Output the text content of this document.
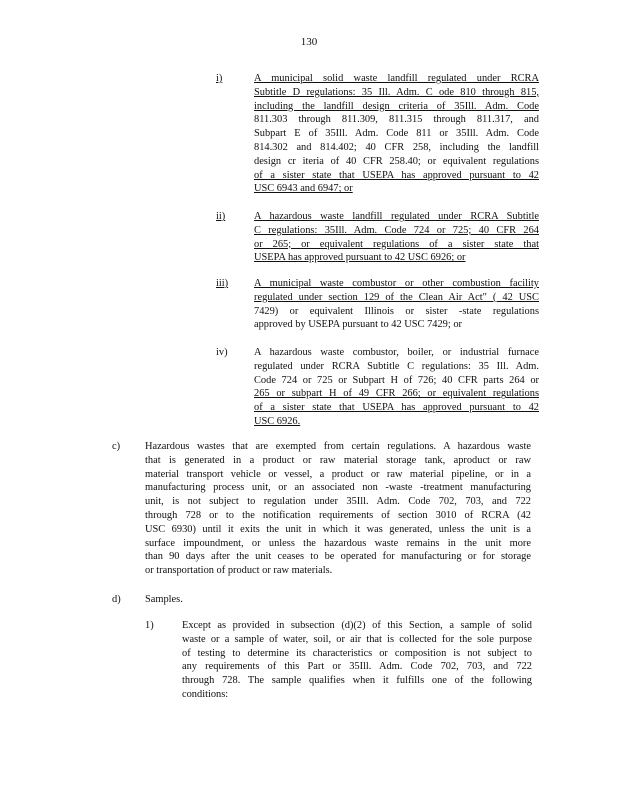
130
i)	A municipal solid waste landfill regulated under RCRA
Subtitle D regulations: 35 Ill. Adm. C ode 810 through 815,
including the landfill design criteria of 35Ill. Adm. Code
811.303 through 811.309, 811.315 through 811.317, and
Subpart E of 35Ill. Adm. Code 811 or 35Ill. Adm. Code
814.302 and 814.402; 40 CFR 258, including the landfill
design cr iteria of 40 CFR 258.40; or equivalent regulations
of a sister state that USEPA has approved pursuant to 42
USC 6943 and 6947; or
ii)	A hazardous waste landfill regulated under RCRA Subtitle
C regulations: 35Ill. Adm. Code 724 or 725; 40 CFR 264
or 265; or equivalent regulations of a sister state that
USEPA has approved pursuant to 42 USC 6926; or
iii) A municipal waste combustor or other combustion facility
regulated under section 129 of the Clean Air Act" ( 42 USC
7429) or equivalent Illinois or sister -state regulations
approved by USEPA pursuant to 42 USC 7429; or
iv)	A hazardous waste combustor, boiler, or industrial furnace
regulated under RCRA Subtitle C regulations: 35 Ill. Adm.
Code 724 or 725 or Subpart H of 726; 40 CFR parts 264 or
265 or subpart H of 49 CFR 266; or equivalent regulations
of a sister state that USEPA has approved pursuant to 42
USC 6926.
c) Hazardous wastes that are exempted from certain regulations. A hazardous waste
that is generated in a product or raw material storage tank, aproduct or raw
material transport vehicle or vessel, a product or raw material pipeline, or in a
manufacturing process unit, or an associated non -waste -treatment manufacturing
unit, is not subject to regulation under 35Ill. Adm. Code 702, 703, and 722
through 728 or to the notification requirements of section 3010 of RCRA (42
USC 6930) until it exits the unit in which it was generated, unless the unit is a
surface impoundment, or unless the hazardous waste remains in the unit more
than 90 days after the unit ceases to be operated for manufacturing or for storage
or transportation of product or raw materials.
d) Samples.
1)	Except as provided in subsection (d)(2) of this Section, a sample of solid
waste or a sample of water, soil, or air that is collected for the sole purpose
of testing to determine its characteristics or composition is not subject to
any requirements of this Part or 35Ill. Adm. Code 702, 703, and 722
through 728. The sample qualifies when it fulfills one of the following
conditions:
